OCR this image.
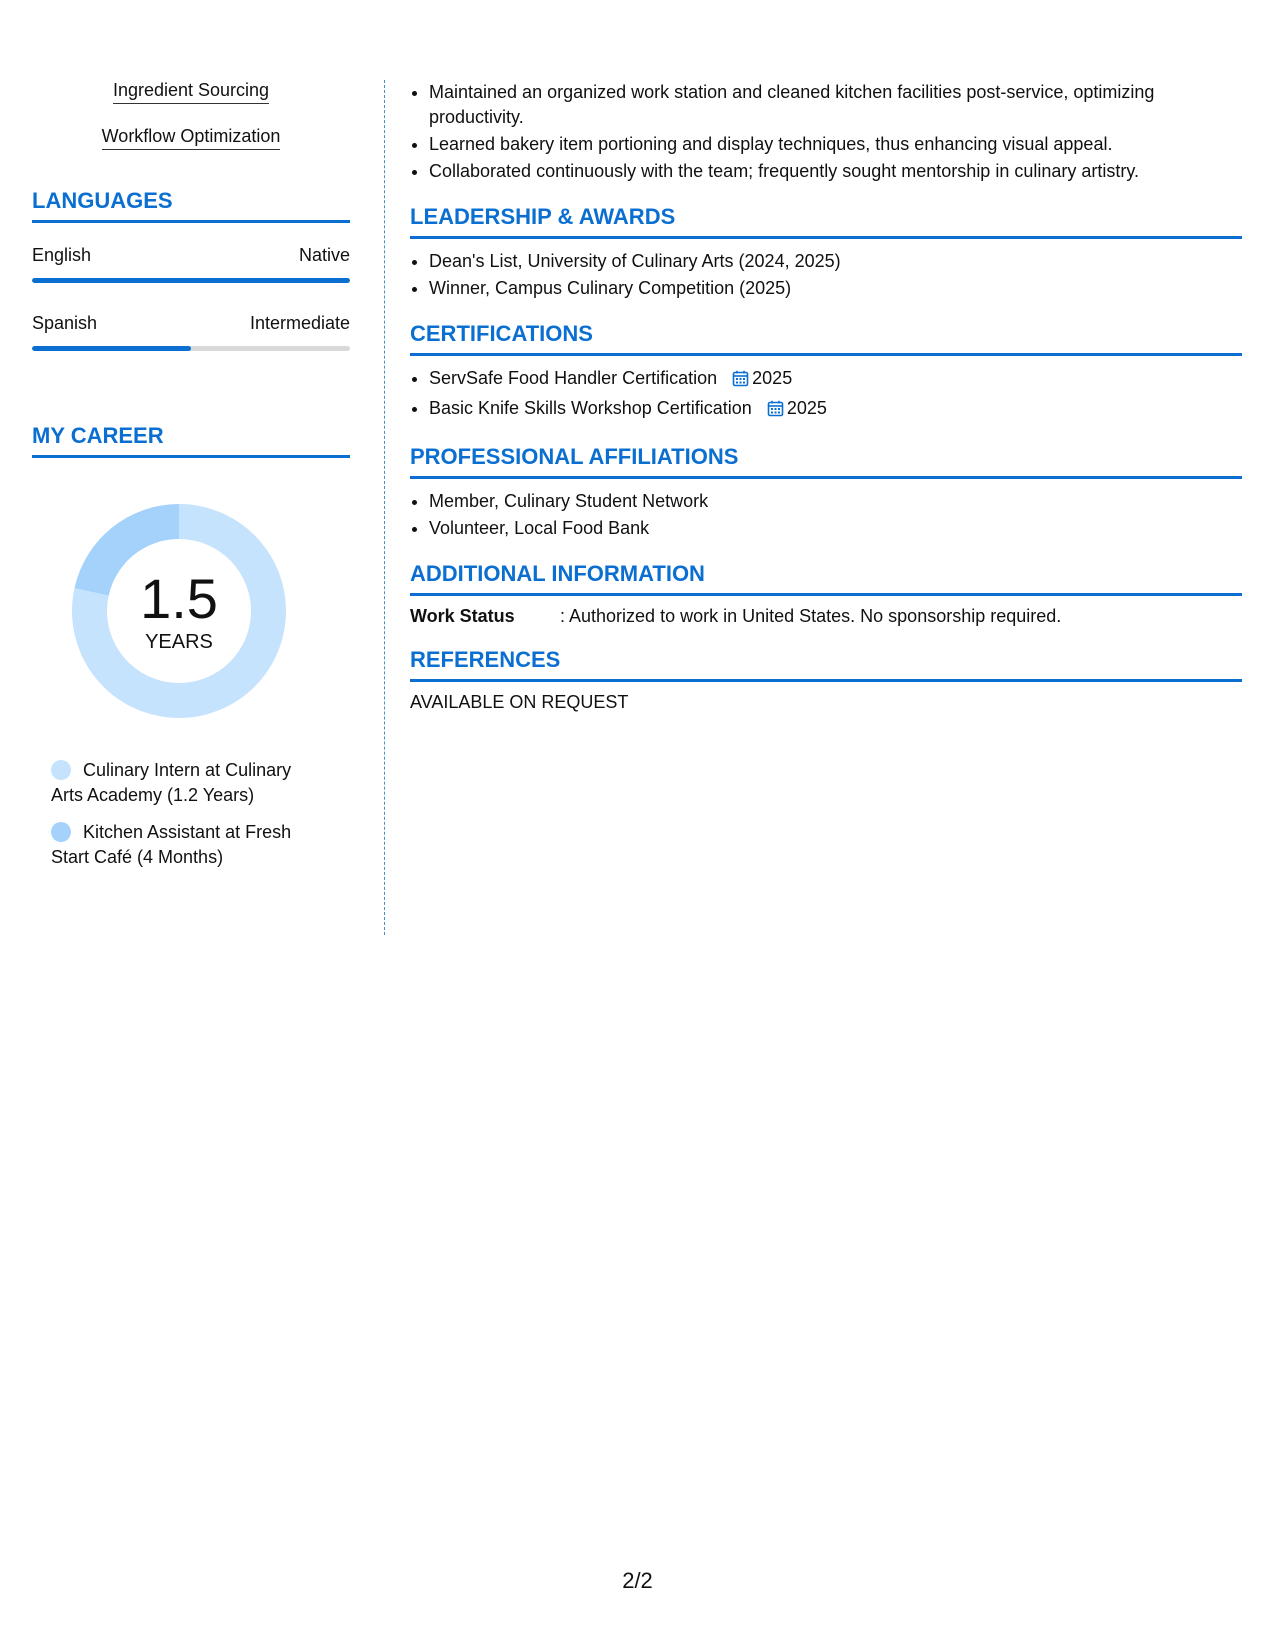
Ingredient Sourcing
Workflow Optimization
LANGUAGES
English	Native
Spanish	Intermediate
MY CAREER
1.5
YEARS
Culinary Intern at Culinary Arts Academy (1.2 Years)
Kitchen Assistant at Fresh Start Café (4 Months)
• Maintained an organized work station and cleaned kitchen facilities post-service, optimizing productivity.
• Learned bakery item portioning and display techniques, thus enhancing visual appeal.
• Collaborated continuously with the team; frequently sought mentorship in culinary artistry.
LEADERSHIP & AWARDS
• Dean's List, University of Culinary Arts (2024, 2025)
• Winner, Campus Culinary Competition (2025)
CERTIFICATIONS
• ServSafe Food Handler Certification 2025
• Basic Knife Skills Workshop Certification 2025
PROFESSIONAL AFFILIATIONS
• Member, Culinary Student Network
• Volunteer, Local Food Bank
ADDITIONAL INFORMATION
Work Status	: Authorized to work in United States. No sponsorship required.
REFERENCES
AVAILABLE ON REQUEST
2/2
